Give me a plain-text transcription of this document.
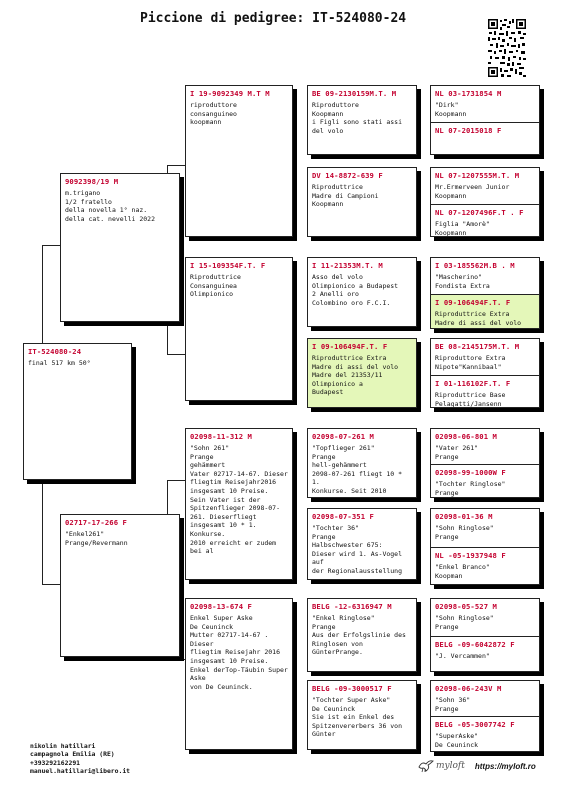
Piccione di pedigree: IT-524080-24
IT-524080-24
final 517 km 50°
9092398/19 M
m.trigano
1/2 fratello
della novella 1° naz.
della cat. nevelli 2022
02717-17-266 F
"Enkel261"
Prange/Revermann
I 19-9092349 M.T M
riproduttore
consanguineo
koopmann
I 15-109354F.T. F
Riproduttrice
Consanguinea
Olimpionico
02098-11-312 M
"Sohn 261"
Prange
gehämmert
Vater 02717-14-67. Dieser
fliegtim Reisejahr2016
insgesamt 10 Preise.
Sein Vater ist der Spitzenflieger 2098-07-261. Dieserfliegt
insgesamt 10 * 1. Konkurse.
2010 erreicht er zudem bei al
02098-13-674 F
Enkel Super Aske
De Ceuninck
Mutter 02717-14-67 . Dieser
fliegtim Reisejahr 2016
insgesamt 10 Preise.
Enkel derTop-Täubin Super Aske
von De Ceuninck.
BE 09-2130159M.T. M
Riproduttore
Koopmann
i Figli sono stati assi del volo
DV 14-8872-639 F
Riproduttrice
Madre di Campioni
Koopmann
I 11-21353M.T. M
Asso del volo
Olimpionico a Budapest
2 Anelli oro
Colombino oro F.C.I.
I 09-106494F.T. F
Riproduttrice Extra
Madre di assi del volo
Madre del 21353/11
Olimpionico a
Budapest
02098-07-261 M
"Topflieger 261"
Prange
hell-gehämmert
2098-07-261 fliegt 10 * 1.
Konkurse. Seit 2010
02098-07-351 F
"Tochter 36"
Prange
Halbschwester 675:
Dieser wird 1. As-Vogel auf
der Regionalausstellung
BELG -12-6316947 M
"Enkel Ringlose"
Prange
Aus der Erfolgslinie des
Ringlosen von GünterPrange.
BELG -09-3000517 F
"Tochter Super Aske"
De Ceuninck
Sie ist ein Enkel des
Spitzenvererbers 36 von
Günter
NL 03-1731854 M
"Dirk"
Koopmann
NL 07-2015018 F
NL 07-1207555M.T. M
Mr.Ermerveen Junior
Koopmann
NL 07-1207496F.T . F
Figlia "Amorè"
Koopmann
I 03-185562M.B . M
"Mascherino"
Fondista Extra
I 09-106494F.T. F
Riproduttrice Extra
Madre di assi del volo
BE 08-2145175M.T. M
Riproduttore Extra
Nipote"Kannibaal"
I 01-116102F.T. F
Riproduttrice Base
Pelagatti/Jansenn
02098-06-801 M
"Vater 261"
Prange
02098-99-1000W F
"Tochter Ringlose"
Prange
02098-01-36 M
"Sohn Ringlose"
Prange
NL -05-1937948 F
"Enkel Branco"
Koopman
02098-05-527 M
"Sohn Ringlose"
Prange
BELG -09-6042872 F
"J. Vercammen"
02098-06-243V M
"Sohn 36"
Prange
BELG -05-3007742 F
"SuperAske"
De Ceuninck
nikolin hatillari
campagnola Emilia (RE)
+393292162291
manuel.hatillari@libero.it	myloft https://myloft.ro
